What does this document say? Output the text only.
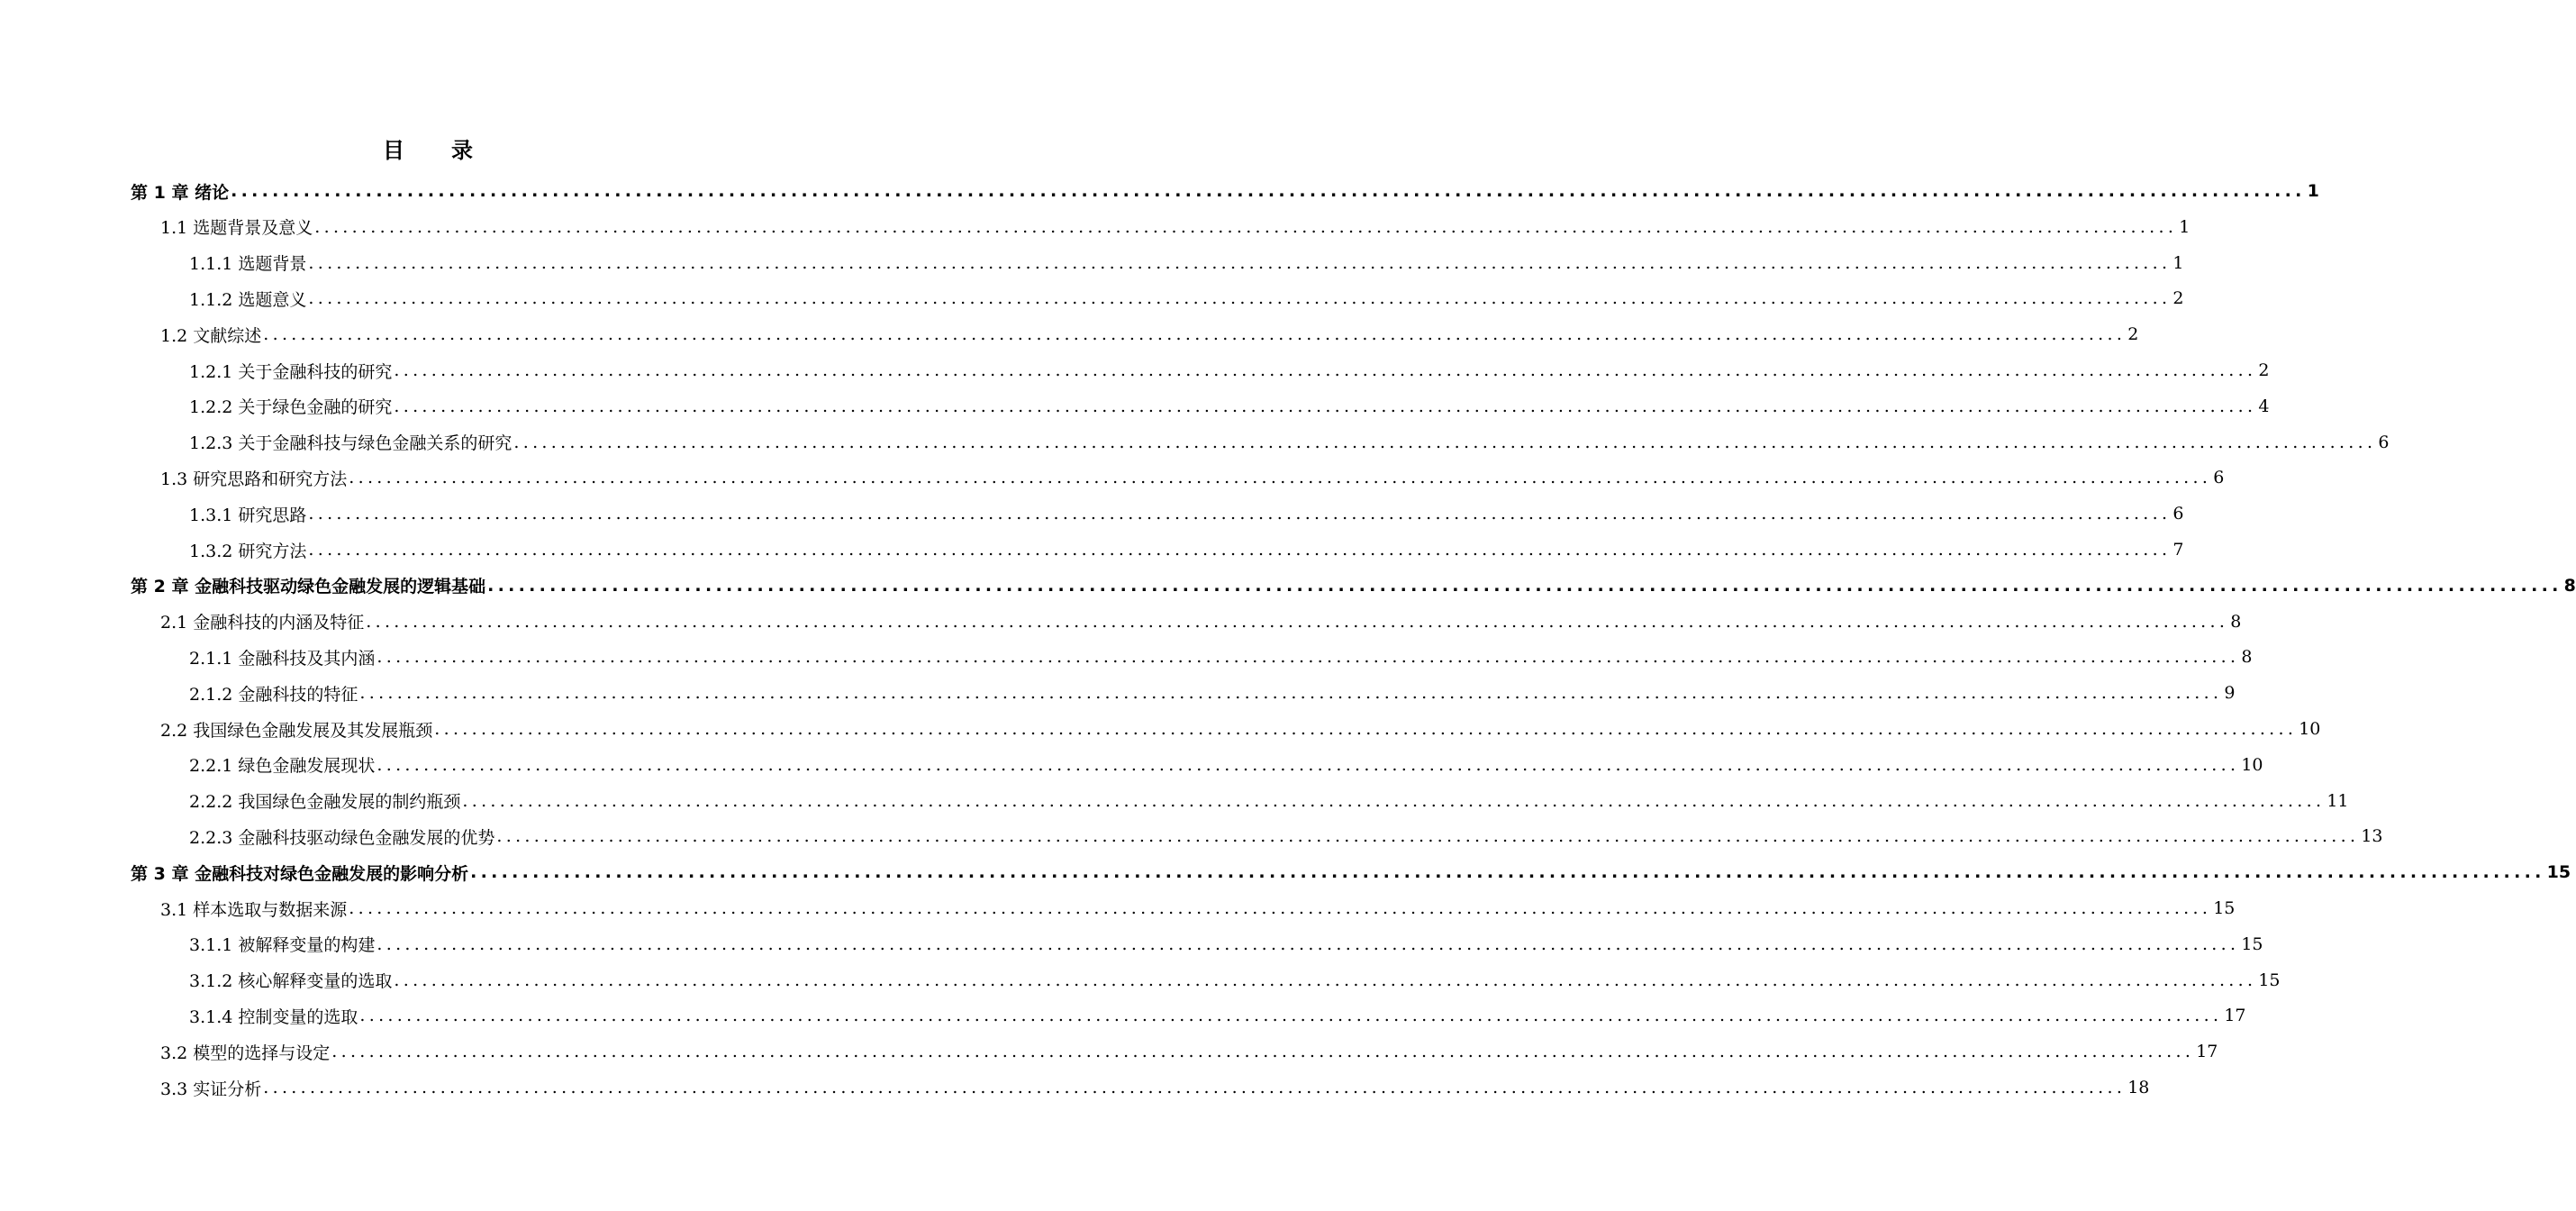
目 录
第 1 章 绪论 ........................................................................................................................................................................................................ 1
1.1 选题背景及意义 ........................................................................................................................................................................................................ 1
1.1.1 选题背景 ........................................................................................................................................................................................................ 1
1.1.2 选题意义 ........................................................................................................................................................................................................ 2
1.2 文献综述 ........................................................................................................................................................................................................ 2
1.2.1 关于金融科技的研究 ........................................................................................................................................................................................................ 2
1.2.2 关于绿色金融的研究 ........................................................................................................................................................................................................ 4
1.2.3 关于金融科技与绿色金融关系的研究 ........................................................................................................................................................................................................ 6
1.3 研究思路和研究方法 ........................................................................................................................................................................................................ 6
1.3.1 研究思路 ........................................................................................................................................................................................................ 6
1.3.2 研究方法 ........................................................................................................................................................................................................ 7
第 2 章 金融科技驱动绿色金融发展的逻辑基础 ........................................................................................................................................................................................................ 8
2.1 金融科技的内涵及特征 ........................................................................................................................................................................................................ 8
2.1.1 金融科技及其内涵 ........................................................................................................................................................................................................ 8
2.1.2 金融科技的特征 ........................................................................................................................................................................................................ 9
2.2 我国绿色金融发展及其发展瓶颈 ........................................................................................................................................................................................................ 10
2.2.1 绿色金融发展现状 ........................................................................................................................................................................................................ 10
2.2.2 我国绿色金融发展的制约瓶颈 ........................................................................................................................................................................................................ 11
2.2.3 金融科技驱动绿色金融发展的优势 ........................................................................................................................................................................................................ 13
第 3 章 金融科技对绿色金融发展的影响分析 ........................................................................................................................................................................................................ 15
3.1 样本选取与数据来源 ........................................................................................................................................................................................................ 15
3.1.1 被解释变量的构建 ........................................................................................................................................................................................................ 15
3.1.2 核心解释变量的选取 ........................................................................................................................................................................................................ 15
3.1.4 控制变量的选取 ........................................................................................................................................................................................................ 17
3.2 模型的选择与设定 ........................................................................................................................................................................................................ 17
3.3 实证分析 ........................................................................................................................................................................................................ 18
